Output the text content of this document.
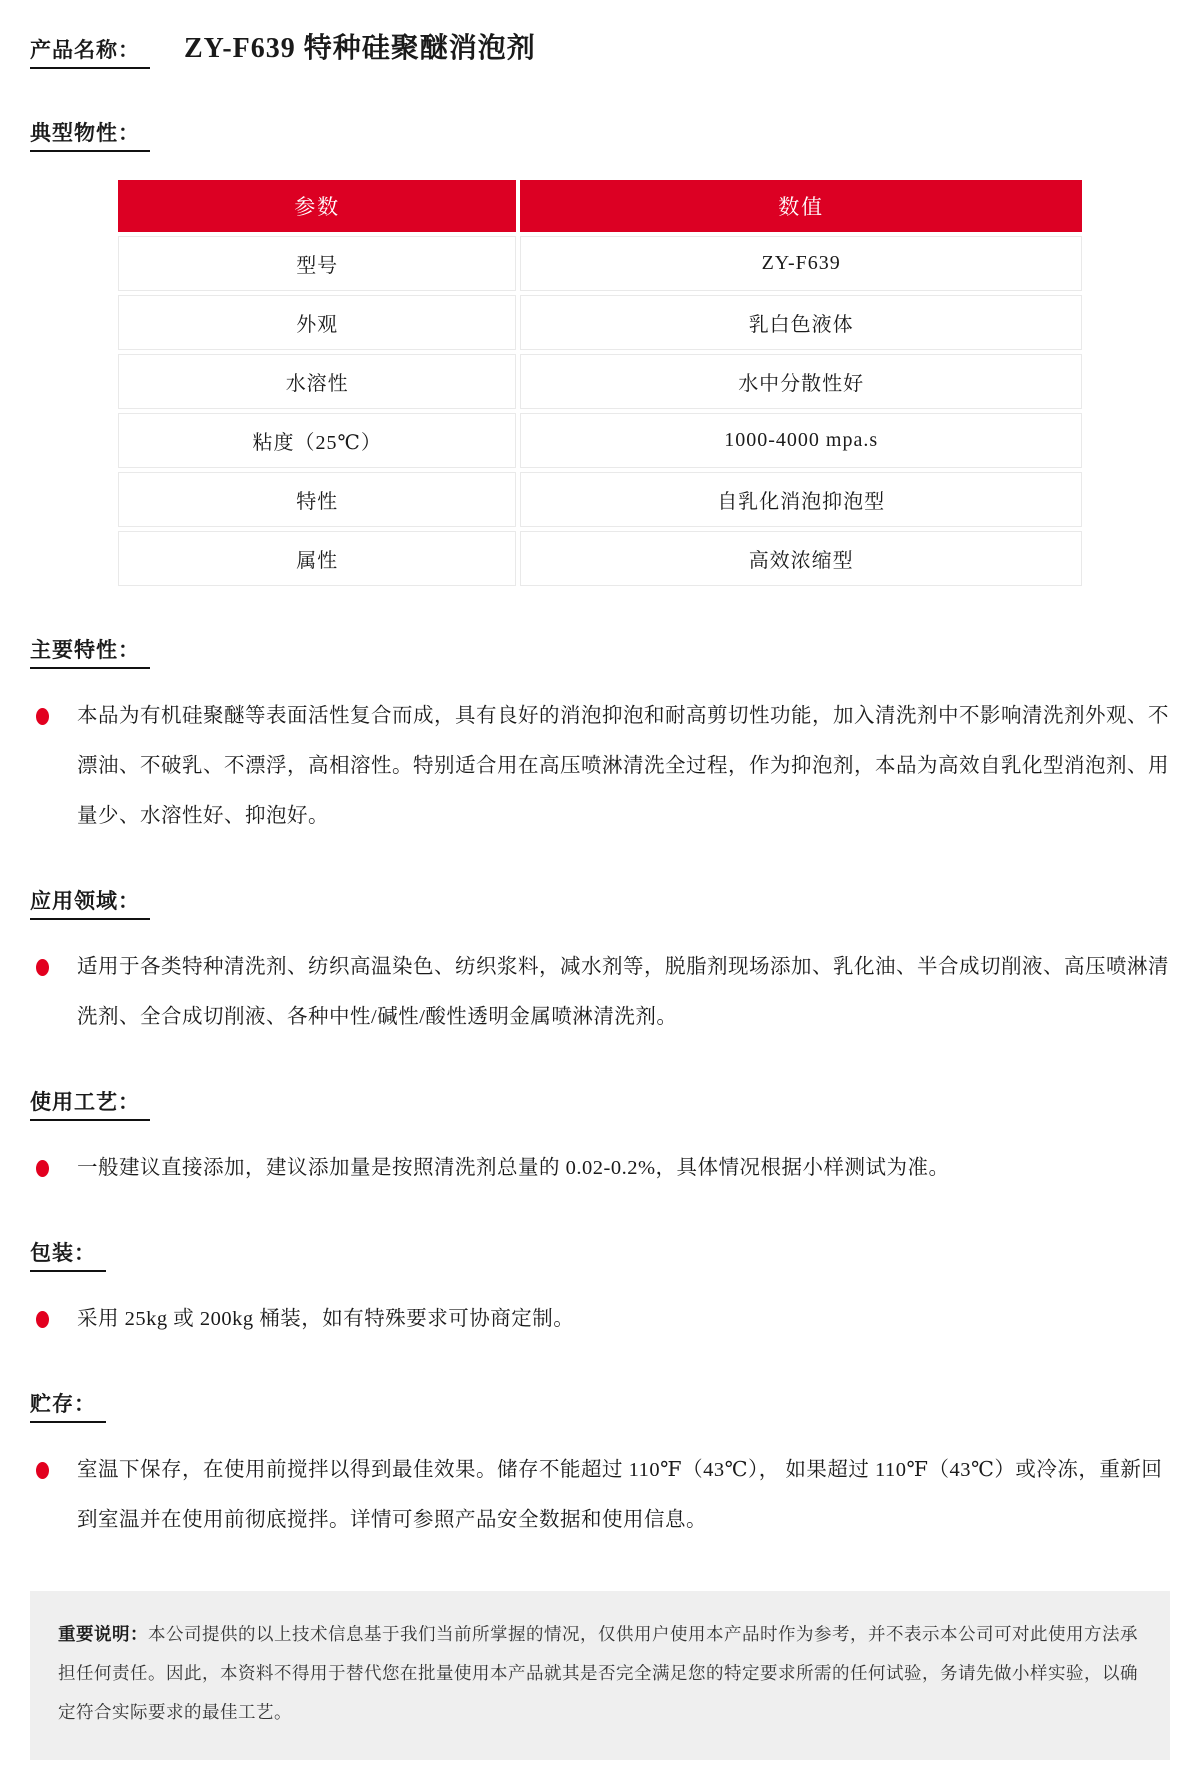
产品名称：	ZY-F639 特种硅聚醚消泡剂
典型物性：
参数	数值
型号	ZY-F639
外观	乳白色液体
水溶性	水中分散性好
粘度（25℃）	1000-4000 mpa.s
特性	自乳化消泡抑泡型
属性	高效浓缩型
主要特性：
本品为有机硅聚醚等表面活性复合而成，具有良好的消泡抑泡和耐高剪切性功能，加入清洗剂中不影响清洗剂外观、不漂油、不破乳、不漂浮，高相溶性。特别适合用在高压喷淋清洗全过程，作为抑泡剂，本品为高效自乳化型消泡剂、用量少、水溶性好、抑泡好。
应用领域：
适用于各类特种清洗剂、纺织高温染色、纺织浆料，减水剂等，脱脂剂现场添加、乳化油、半合成切削液、高压喷淋清洗剂、全合成切削液、各种中性/碱性/酸性透明金属喷淋清洗剂。
使用工艺：
一般建议直接添加，建议添加量是按照清洗剂总量的 0.02-0.2%，具体情况根据小样测试为准。
包装：
采用 25kg 或 200kg 桶装，如有特殊要求可协商定制。
贮存：
室温下保存，在使用前搅拌以得到最佳效果。储存不能超过 110℉（43℃）， 如果超过 110℉（43℃）或冷冻，重新回到室温并在使用前彻底搅拌。详情可参照产品安全数据和使用信息。
重要说明：本公司提供的以上技术信息基于我们当前所掌握的情况，仅供用户使用本产品时作为参考，并不表示本公司可对此使用方法承担任何责任。因此，本资料不得用于替代您在批量使用本产品就其是否完全满足您的特定要求所需的任何试验，务请先做小样实验，以确定符合实际要求的最佳工艺。
